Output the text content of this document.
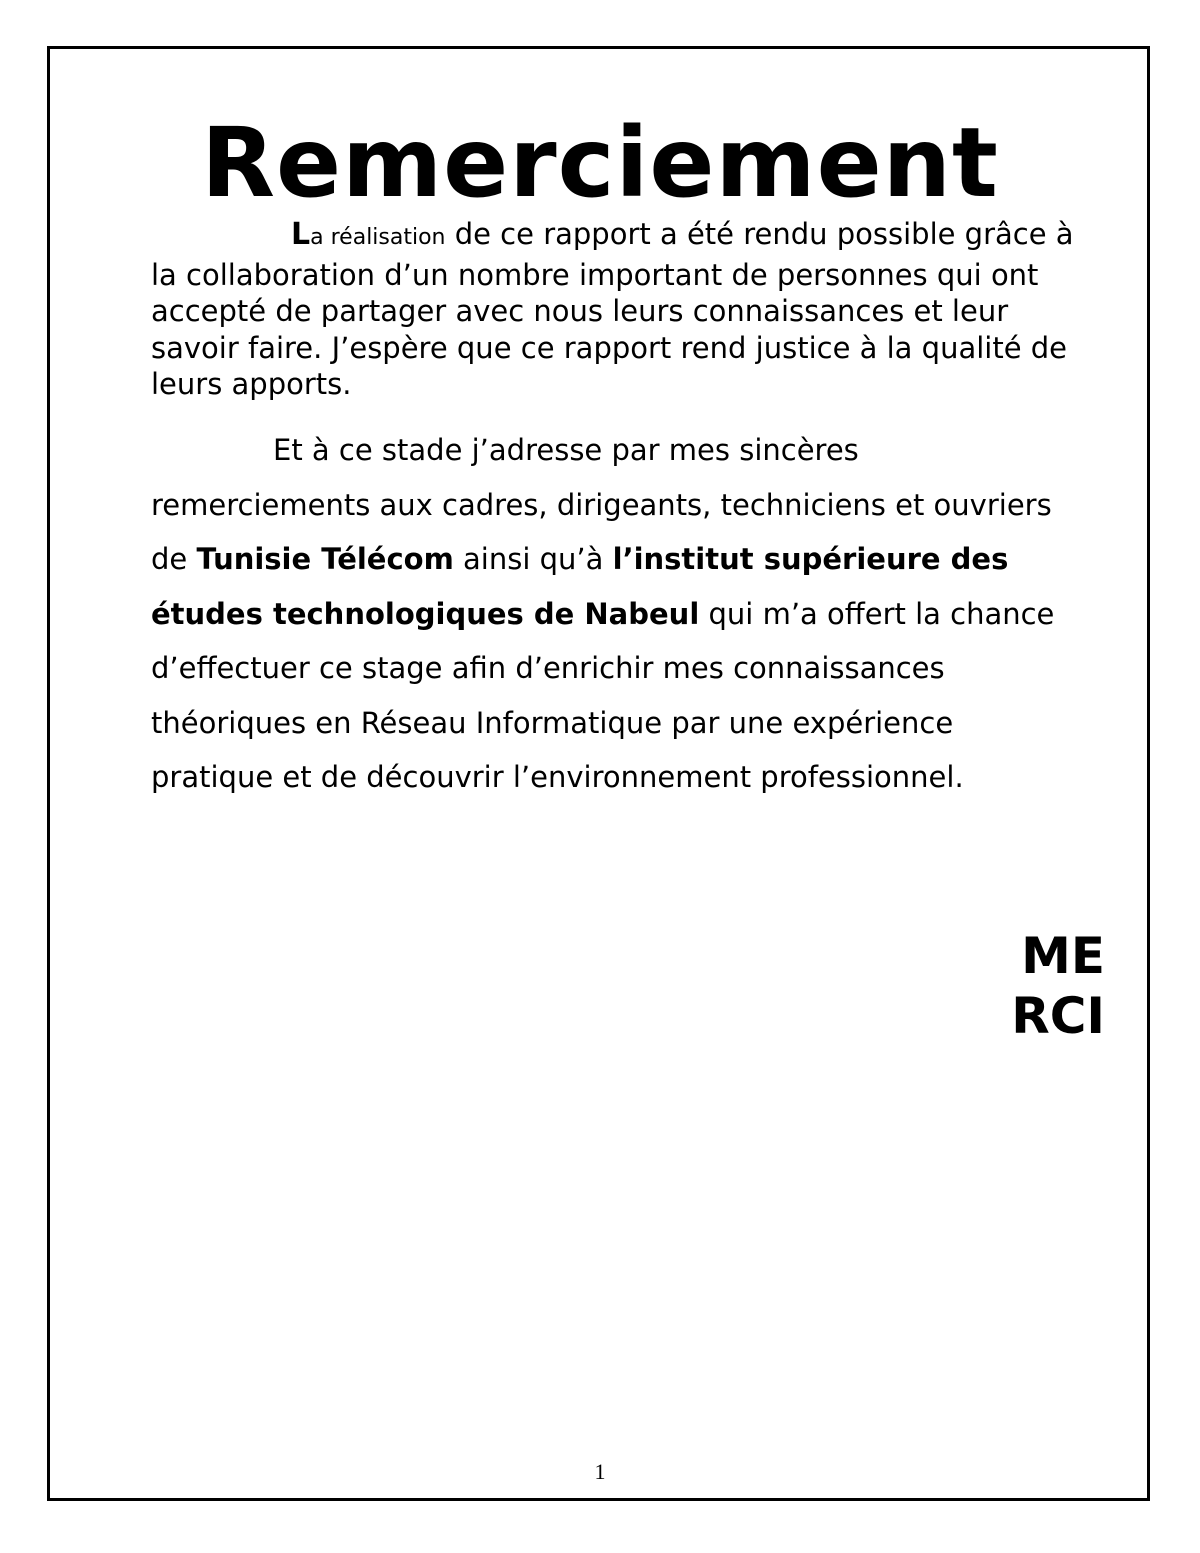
Remerciement

La réalisation de ce rapport a été rendu possible grâce à la collaboration d’un nombre important de personnes qui ont accepté de partager avec nous leurs connaissances et leur savoir faire. J’espère que ce rapport rend justice à la qualité de leurs apports.

Et à ce stade j’adresse par mes sincères remerciements aux cadres, dirigeants, techniciens et ouvriers de Tunisie Télécom ainsi qu’à l’institut supérieure des études technologiques de Nabeul qui m’a offert la chance d’effectuer ce stage afin d’enrichir mes connaissances théoriques en Réseau Informatique par une expérience pratique et de découvrir l’environnement professionnel.

ME
RCI
1
